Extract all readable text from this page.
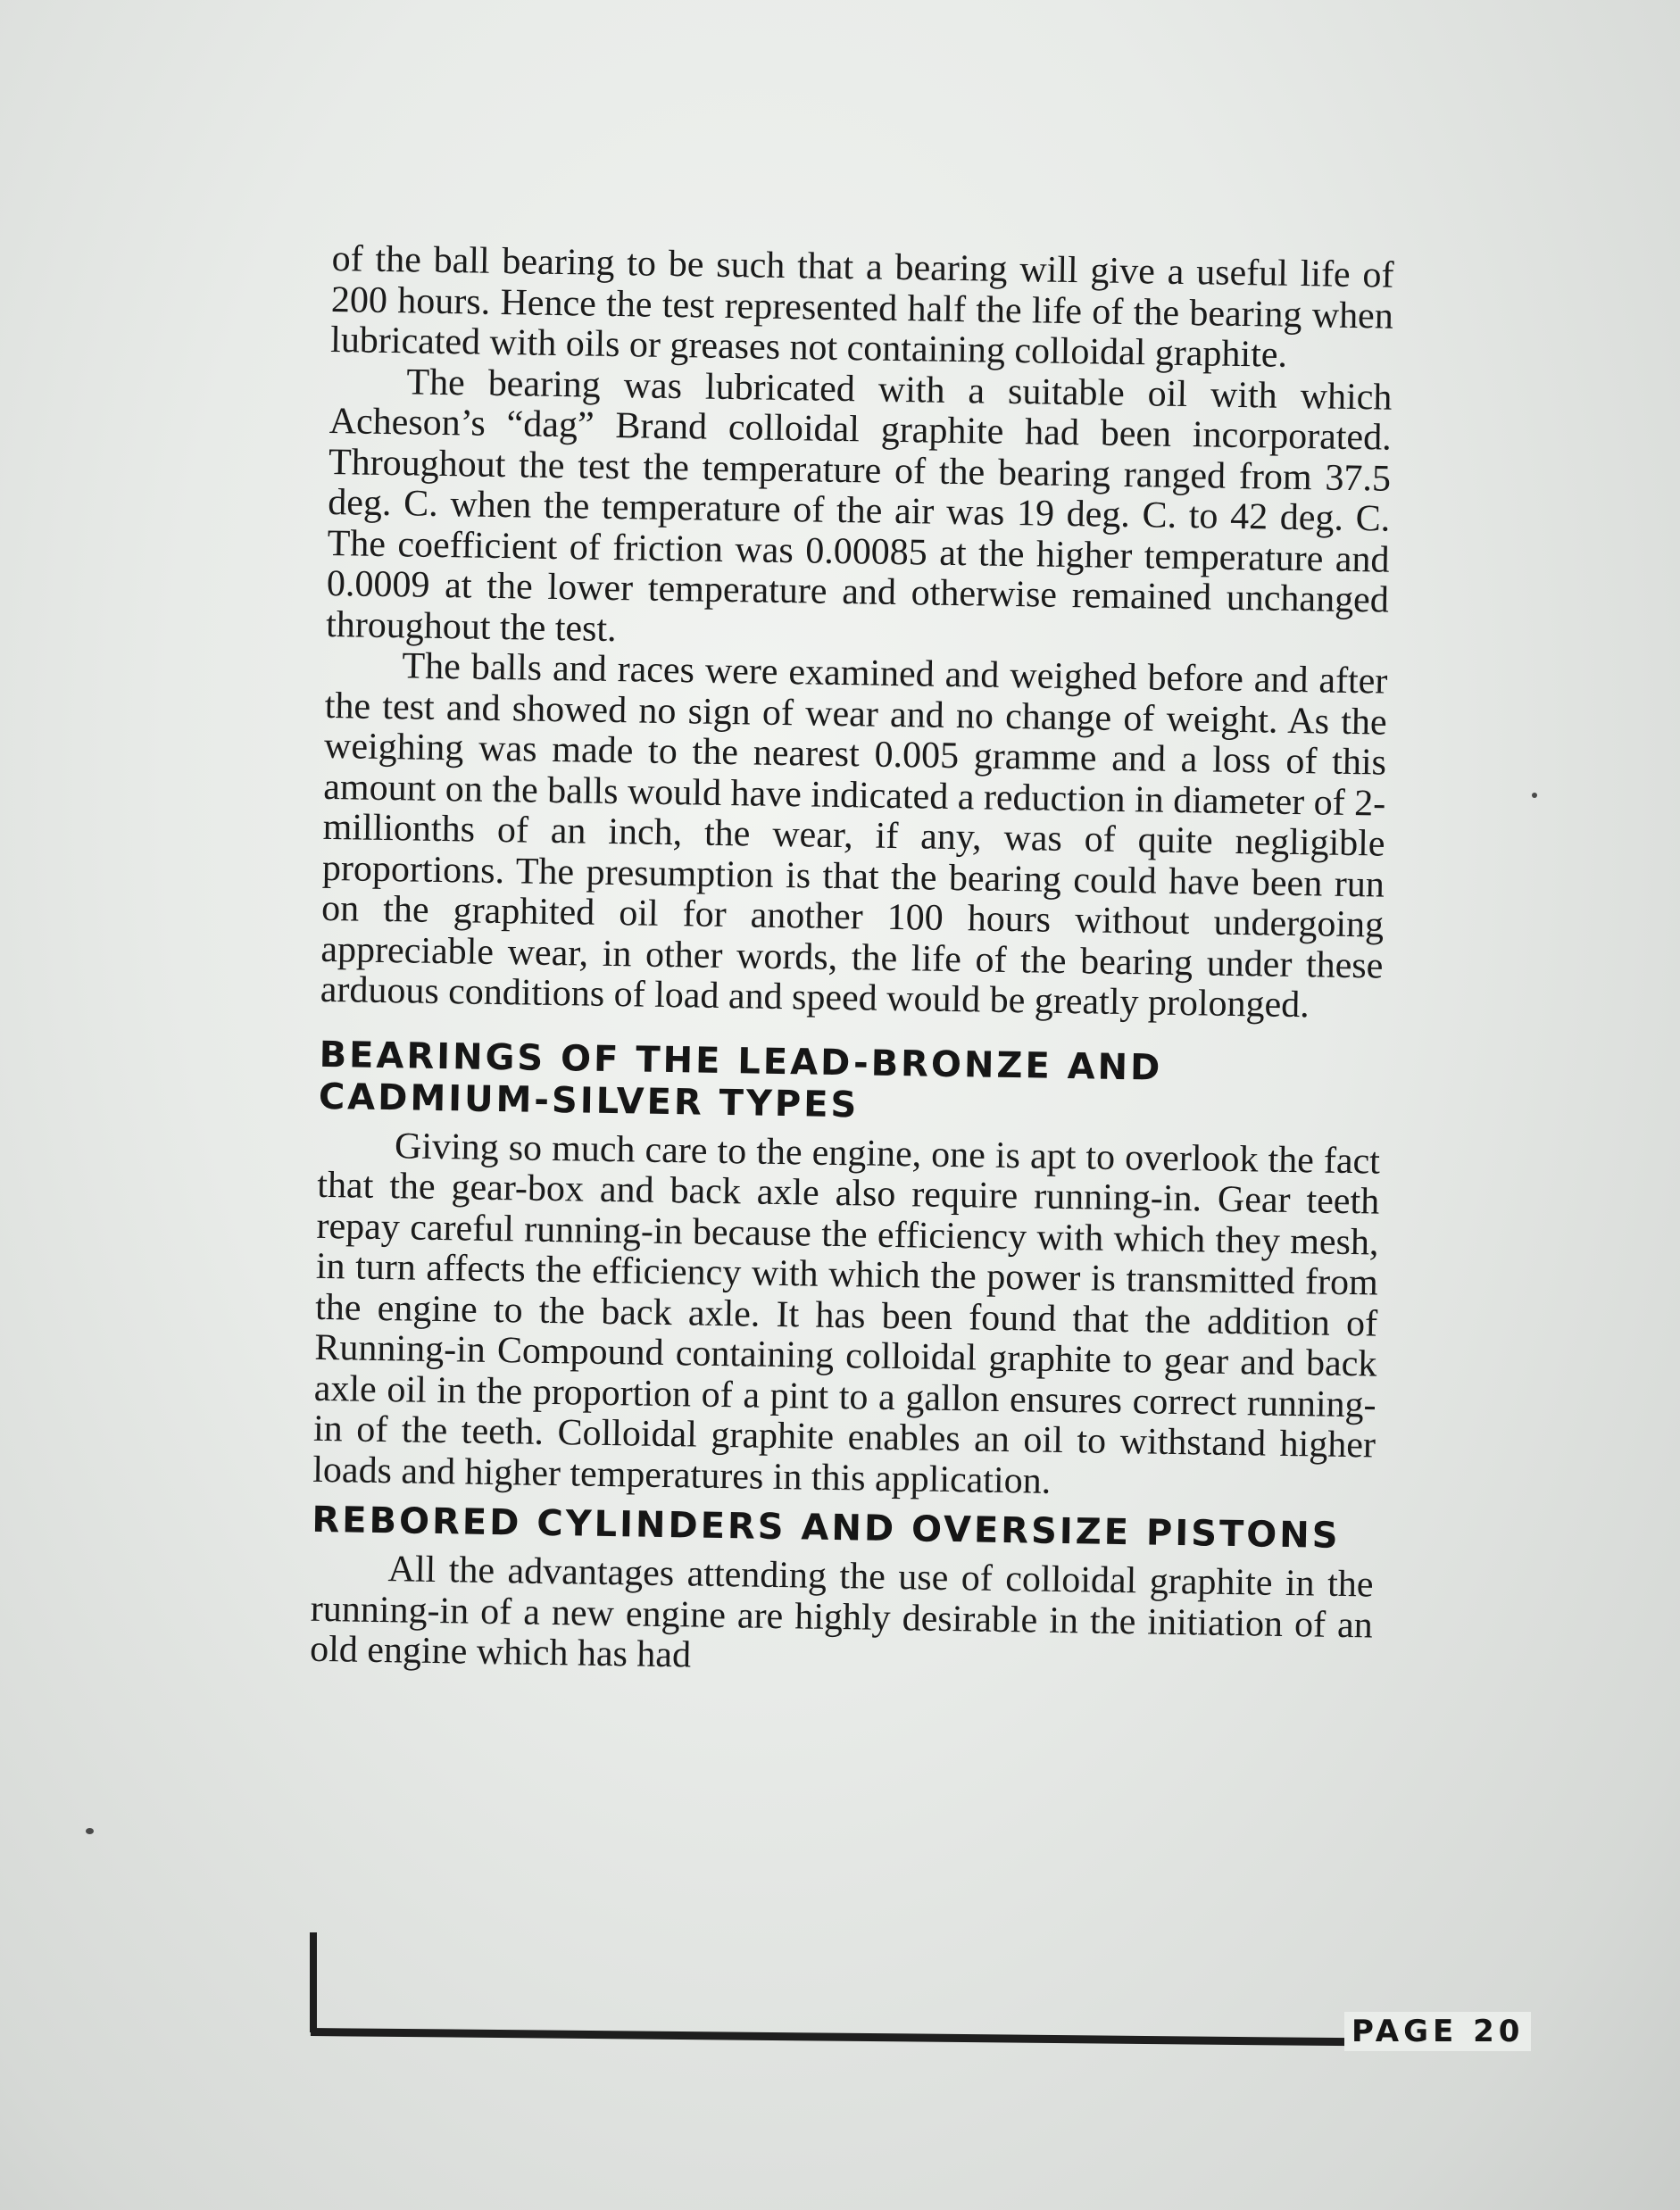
of the ball bearing to be such that a bearing will give a useful life of 200 hours. Hence the test represented half the life of the bearing when lubricated with oils or greases not containing colloidal graphite.

The bearing was lubricated with a suitable oil with which Acheson’s “dag” Brand colloidal graphite had been incorporated. Throughout the test the temperature of the bearing ranged from 37.5 deg. C. when the temperature of the air was 19 deg. C. to 42 deg. C. The coefficient of friction was 0.00085 at the higher temperature and 0.0009 at the lower temperature and otherwise remained unchanged throughout the test.

The balls and races were examined and weighed before and after the test and showed no sign of wear and no change of weight. As the weighing was made to the nearest 0.005 gramme and a loss of this amount on the balls would have indicated a reduction in diameter of 2-millionths of an inch, the wear, if any, was of quite negligible proportions. The presumption is that the bearing could have been run on the graphited oil for another 100 hours without undergoing appreciable wear, in other words, the life of the bearing under these arduous conditions of load and speed would be greatly prolonged.

BEARINGS OF THE LEAD-BRONZE AND CADMIUM-SILVER TYPES

Giving so much care to the engine, one is apt to overlook the fact that the gear-box and back axle also require running-in. Gear teeth repay careful running-in because the efficiency with which they mesh, in turn affects the efficiency with which the power is transmitted from the engine to the back axle. It has been found that the addition of Running-in Compound containing colloidal graphite to gear and back axle oil in the proportion of a pint to a gallon ensures correct running-in of the teeth. Colloidal graphite enables an oil to withstand higher loads and higher temperatures in this application.

REBORED CYLINDERS AND OVERSIZE PISTONS

All the advantages attending the use of colloidal graphite in the running-in of a new engine are highly desirable in the initiation of an old engine which has had

PAGE 20
